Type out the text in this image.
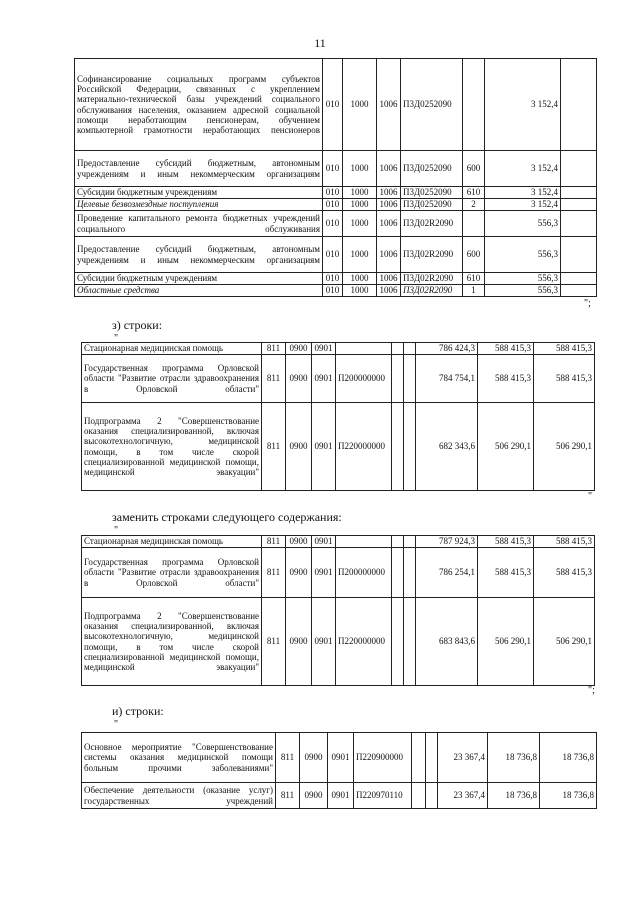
11
Софинансирование социальных программ субъектов Российской Федерации, связанных с укреплением материально-технической базы учреждений социального обслуживания населения, оказанием адресной социальной помощи неработающим пенсионерам, обучением компьютерной грамотности неработающих пенсионеров	010	1000	1006	П3Д0252090		3 152,4	
Предоставление субсидий бюджетным, автономным учреждениям и иным некоммерческим организациям	010	1000	1006	П3Д0252090	600	3 152,4	
Субсидии бюджетным учреждениям	010	1000	1006	П3Д0252090	610	3 152,4	
Целевые безвозмездные поступления	010	1000	1006	П3Д0252090	2	3 152,4	
Проведение капитального ремонта бюджетных учреждений социального обслуживания	010	1000	1006	П3Д02R2090		556,3	
Предоставление субсидий бюджетным, автономным учреждениям и иным некоммерческим организациям	010	1000	1006	П3Д02R2090	600	556,3	
Субсидии бюджетным учреждениям	010	1000	1006	П3Д02R2090	610	556,3	
Областные средства	010	1000	1006	П3Д02R2090	1	556,3	
";
з) строки:
"
Стационарная медицинская помощь	811	0900	0901				786 424,3	588 415,3	588 415,3
Государственная программа Орловской области "Развитие отрасли здравоохранения в Орловской области"	811	0900	0901	П200000000			784 754,1	588 415,3	588 415,3
Подпрограмма 2 "Совершенствование оказания специализированной, включая высокотехнологичную, медицинской помощи, в том числе скорой специализированной медицинской помощи, медицинской эвакуации"	811	0900	0901	П220000000			682 343,6	506 290,1	506 290,1
"
заменить строками следующего содержания:
"
Стационарная медицинская помощь	811	0900	0901				787 924,3	588 415,3	588 415,3
Государственная программа Орловской области "Развитие отрасли здравоохранения в Орловской области"	811	0900	0901	П200000000			786 254,1	588 415,3	588 415,3
Подпрограмма 2 "Совершенствование оказания специализированной, включая высокотехнологичную, медицинской помощи, в том числе скорой специализированной медицинской помощи, медицинской эвакуации"	811	0900	0901	П220000000			683 843,6	506 290,1	506 290,1
";
и) строки:
"
Основное мероприятие "Совершенствование системы оказания медицинской помощи больным прочими заболеваниями"	811	0900	0901	П220900000			23 367,4	18 736,8	18 736,8
Обеспечение деятельности (оказание услуг) государственных учреждений	811	0900	0901	П220970110			23 367,4	18 736,8	18 736,8
